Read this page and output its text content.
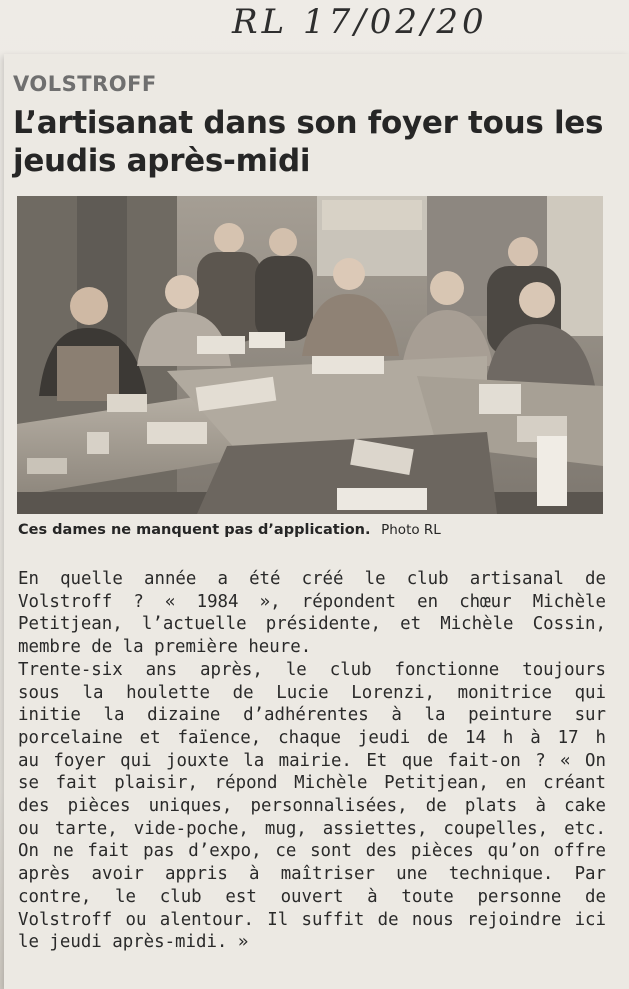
RL 17/02/20
VOLSTROFF
L’artisanat dans son foyer tous les jeudis après-midi
Ces dames ne manquent pas d’application. Photo RL

En quelle année a été créé le club artisanal de

Volstroff ? « 1984 », répondent en chœur Michèle

Petitjean, l’actuelle présidente, et Michèle Cossin,

membre de la première heure.

Trente-six ans après, le club fonctionne toujours

sous la houlette de Lucie Lorenzi, monitrice qui

initie la dizaine d’adhérentes à la peinture sur

porcelaine et faïence, chaque jeudi de 14 h à 17 h

au foyer qui jouxte la mairie. Et que fait-on ? « On

se fait plaisir, répond Michèle Petitjean, en créant

des pièces uniques, personnalisées, de plats à cake

ou tarte, vide-poche, mug, assiettes, coupelles, etc.

On ne fait pas d’expo, ce sont des pièces qu’on offre

après avoir appris à maîtriser une technique. Par

contre, le club est ouvert à toute personne de

Volstroff ou alentour. Il suffit de nous rejoindre ici

le jeudi après-midi. »
